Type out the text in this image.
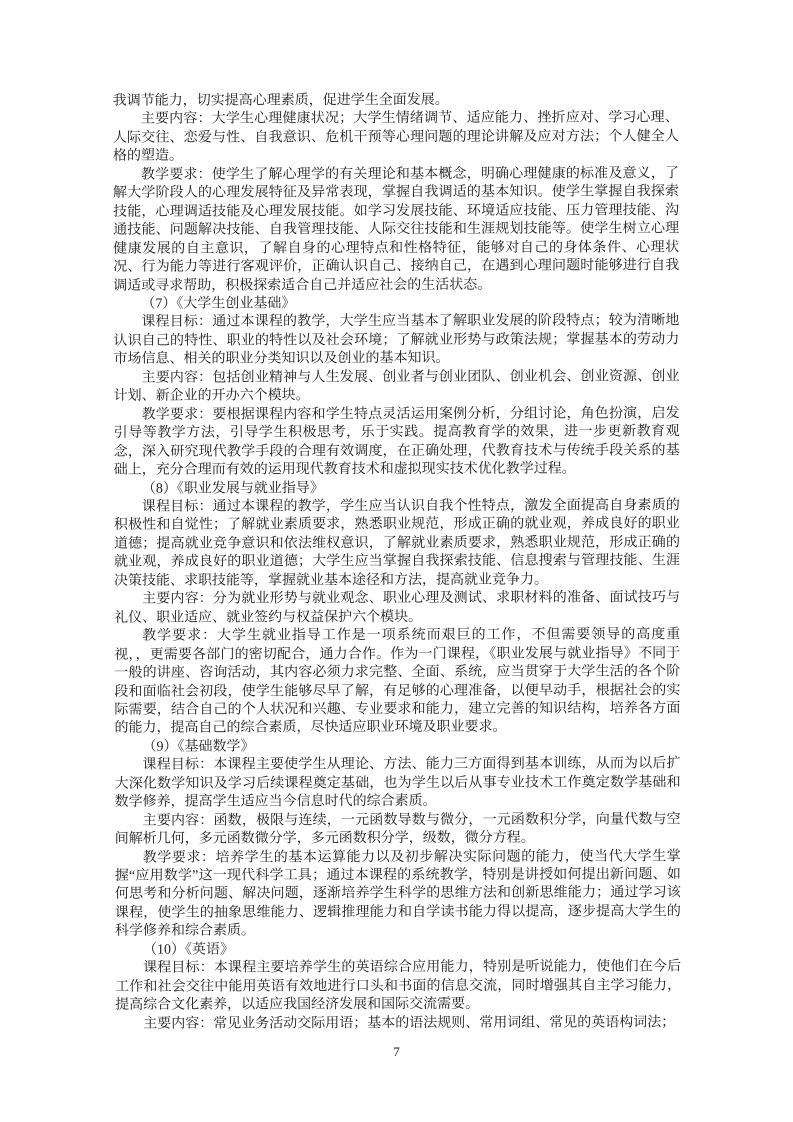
我调节能力，切实提高心理素质，促进学生全面发展。

主要内容：大学生心理健康状况；大学生情绪调节、适应能力、挫折应对、学习心理、人际交往、恋爱与性、自我意识、危机干预等心理问题的理论讲解及应对方法；个人健全人格的塑造。

教学要求：使学生了解心理学的有关理论和基本概念，明确心理健康的标准及意义，了解大学阶段人的心理发展特征及异常表现，掌握自我调适的基本知识。使学生掌握自我探索技能，心理调适技能及心理发展技能。如学习发展技能、环境适应技能、压力管理技能、沟通技能、问题解决技能、自我管理技能、人际交往技能和生涯规划技能等。使学生树立心理健康发展的自主意识，了解自身的心理特点和性格特征，能够对自己的身体条件、心理状况、行为能力等进行客观评价，正确认识自己、接纳自己，在遇到心理问题时能够进行自我调适或寻求帮助，积极探索适合自己并适应社会的生活状态。

（7）《大学生创业基础》

课程目标：通过本课程的教学，大学生应当基本了解职业发展的阶段特点；较为清晰地认识自己的特性、职业的特性以及社会环境；了解就业形势与政策法规；掌握基本的劳动力市场信息、相关的职业分类知识以及创业的基本知识。

主要内容：包括创业精神与人生发展、创业者与创业团队、创业机会、创业资源、创业计划、新企业的开办六个模块。

教学要求：要根据课程内容和学生特点灵活运用案例分析，分组讨论，角色扮演，启发引导等教学方法，引导学生积极思考，乐于实践。提高教育学的效果，进一步更新教育观念，深入研究现代教学手段的合理有效调度，在正确处理，代教育技术与传统手段关系的基础上，充分合理而有效的运用现代教育技术和虚拟现实技术优化教学过程。

（8）《职业发展与就业指导》

课程目标：通过本课程的教学，学生应当认识自我个性特点，激发全面提高自身素质的积极性和自觉性；了解就业素质要求，熟悉职业规范，形成正确的就业观，养成良好的职业道德；提高就业竞争意识和依法维权意识，了解就业素质要求，熟悉职业规范，形成正确的就业观，养成良好的职业道德；大学生应当掌握自我探索技能、信息搜索与管理技能、生涯决策技能、求职技能等，掌握就业基本途径和方法，提高就业竞争力。

主要内容：分为就业形势与就业观念、职业心理及测试、求职材料的准备、面试技巧与礼仪、职业适应、就业签约与权益保护六个模块。

教学要求：大学生就业指导工作是一项系统而艰巨的工作，不但需要领导的高度重视，，更需要各部门的密切配合，通力合作。作为一门课程，《职业发展与就业指导》不同于一般的讲座、咨询活动，其内容必须力求完整、全面、系统，应当贯穿于大学生活的各个阶段和面临社会初段，使学生能够尽早了解，有足够的心理准备，以便早动手，根据社会的实际需要，结合自己的个人状况和兴趣、专业要求和能力，建立完善的知识结构，培养各方面的能力，提高自己的综合素质，尽快适应职业环境及职业要求。

（9）《基础数学》

课程目标：本课程主要使学生从理论、方法、能力三方面得到基本训练，从而为以后扩大深化数学知识及学习后续课程奠定基础，也为学生以后从事专业技术工作奠定数学基础和数学修养，提高学生适应当今信息时代的综合素质。

主要内容：函数，极限与连续，一元函数导数与微分，一元函数积分学，向量代数与空间解析几何，多元函数微分学，多元函数积分学，级数，微分方程。

教学要求：培养学生的基本运算能力以及初步解决实际问题的能力，使当代大学生掌握“应用数学”这一现代科学工具；通过本课程的系统教学，特别是讲授如何提出新问题、如何思考和分析问题、解决问题，逐渐培养学生科学的思维方法和创新思维能力；通过学习该课程，使学生的抽象思维能力、逻辑推理能力和自学读书能力得以提高，逐步提高大学生的科学修养和综合素质。

（10）《英语》

课程目标：本课程主要培养学生的英语综合应用能力，特别是听说能力，使他们在今后工作和社会交往中能用英语有效地进行口头和书面的信息交流，同时增强其自主学习能力，提高综合文化素养，以适应我国经济发展和国际交流需要。

主要内容：常见业务活动交际用语；基本的语法规则、常用词组、常见的英语构词法；

7
